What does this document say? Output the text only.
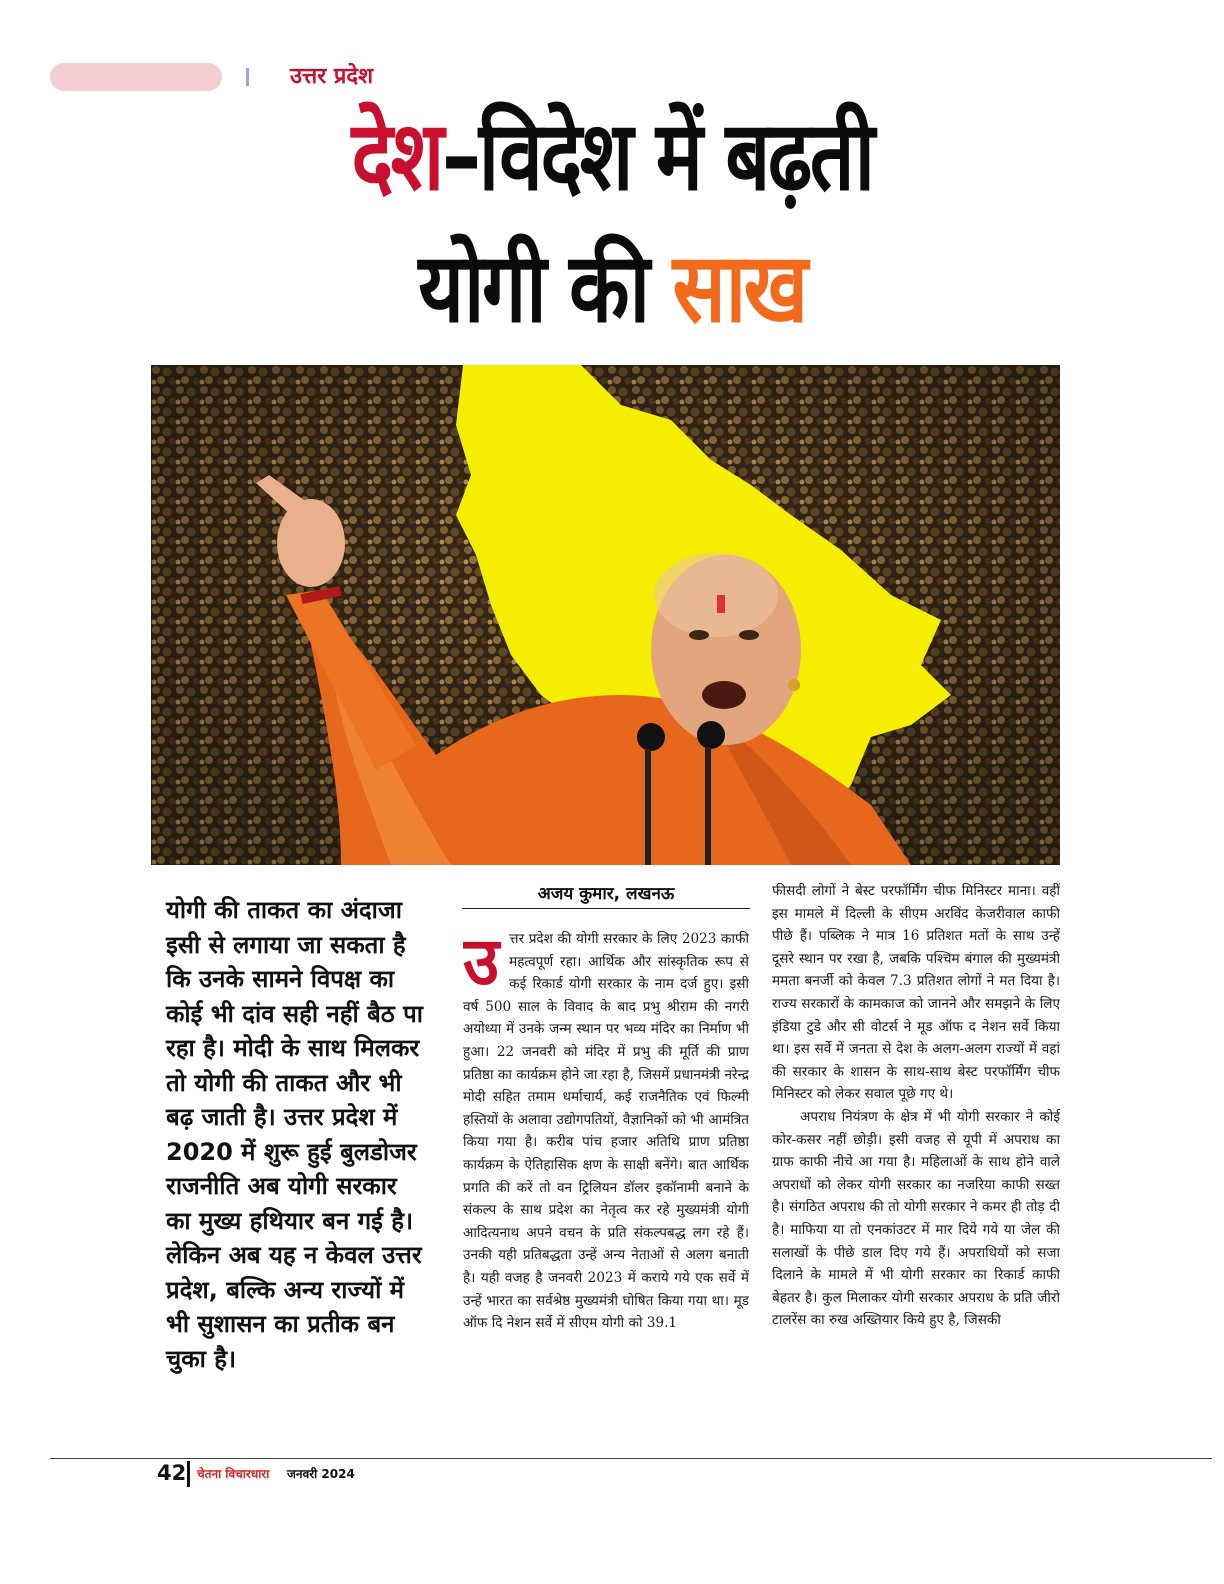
उत्तर प्रदेश
देश–विदेश में बढ़ती
योगी की साख
योगी की ताकत का अंदाजा इसी से लगाया जा सकता है कि उनके सामने विपक्ष का कोई भी दांव सही नहीं बैठ पा रहा है। मोदी के साथ मिलकर तो योगी की ताकत और भी बढ़ जाती है। उत्तर प्रदेश में 2020 में शुरू हुई बुलडोजर राजनीति अब योगी सरकार का मुख्य हथियार बन गई है। लेकिन अब यह न केवल उत्तर प्रदेश, बल्कि अन्य राज्यों में भी सुशासन का प्रतीक बन चुका है।
अजय कुमार, लखनऊ
उ त्तर प्रदेश की योगी सरकार के लिए 2023 काफी महत्वपूर्ण रहा। आर्थिक और सांस्कृतिक रूप से कई रिकार्ड योगी सरकार के नाम दर्ज हुए। इसी वर्ष 500 साल के विवाद के बाद प्रभु श्रीराम की नगरी अयोध्या में उनके जन्म स्थान पर भव्य मंदिर का निर्माण भी हुआ। 22 जनवरी को मंदिर में प्रभु की मूर्ति की प्राण प्रतिष्ठा का कार्यक्रम होने जा रहा है, जिसमें प्रधानमंत्री नरेन्द्र मोदी सहित तमाम धर्माचार्य, कई राजनैतिक एवं फिल्मी हस्तियों के अलावा उद्योगपतियों, वैज्ञानिकों को भी आमंत्रित किया गया है। करीब पांच हजार अतिथि प्राण प्रतिष्ठा कार्यक्रम के ऐतिहासिक क्षण के साक्षी बनेंगे। बात आर्थिक प्रगति की करें तो वन ट्रिलियन डॉलर इकॉनामी बनाने के संकल्प के साथ प्रदेश का नेतृत्व कर रहे मुख्यमंत्री योगी आदित्यनाथ अपने वचन के प्रति संकल्पबद्ध लग रहे हैं। उनकी यही प्रतिबद्धता उन्हें अन्य नेताओं से अलग बनाती है। यही वजह है जनवरी 2023 में कराये गये एक सर्वे में उन्हें भारत का सर्वश्रेष्ठ मुख्यमंत्री घोषित किया गया था। मूड ऑफ दि नेशन सर्वे में सीएम योगी को 39.1
फीसदी लोगों ने बेस्ट परफॉर्मिंग चीफ मिनिस्टर माना। वहीं इस मामले में दिल्ली के सीएम अरविंद केजरीवाल काफी पीछे हैं। पब्लिक ने मात्र 16 प्रतिशत मतों के साथ उन्हें दूसरे स्थान पर रखा है, जबकि पश्चिम बंगाल की मुख्यमंत्री ममता बनर्जी को केवल 7.3 प्रतिशत लोगों ने मत दिया है। राज्य सरकारों के कामकाज को जानने और समझने के लिए इंडिया टुडे और सी वोटर्स ने मूड ऑफ द नेशन सर्वे किया था। इस सर्वे में जनता से देश के अलग-अलग राज्यों में वहां की सरकार के शासन के साथ-साथ बेस्ट परफॉर्मिंग चीफ मिनिस्टर को लेकर सवाल पूछे गए थे।
अपराध नियंत्रण के क्षेत्र में भी योगी सरकार ने कोई कोर-कसर नहीं छोड़ी। इसी वजह से यूपी में अपराध का ग्राफ काफी नीचे आ गया है। महिलाओं के साथ होने वाले अपराधों को लेकर योगी सरकार का नजरिया काफी सख्त है। संगठित अपराध की तो योगी सरकार ने कमर ही तोड़ दी है। माफिया या तो एनकांउटर में मार दिये गये या जेल की सलाखों के पीछे डाल दिए गये हैं। अपराधियों को सजा दिलाने के मामले में भी योगी सरकार का रिकार्ड काफी बेहतर है। कुल मिलाकर योगी सरकार अपराध के प्रति जीरो टालरेंस का रुख अख्तियार किये हुए है, जिसकी
42 चेतना विचारधारा जनवरी 2024
